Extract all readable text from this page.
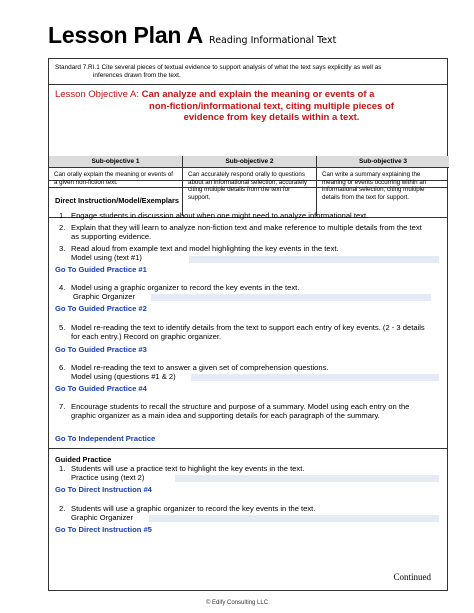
Lesson Plan A Reading Informational Text
Standard 7.RI.1 Cite several pieces of textual evidence to support analysis of what the text says explicitly as well as
inferences drawn from the text.
Lesson Objective A: Can analyze and explain the meaning or events of a
non-fiction/informational text, citing multiple pieces of
evidence from key details within a text.
Sub-objective 1
Can orally explain the meaning or events of a given non-fiction text.
Sub-objective 2
Can accurately respond orally to questions about an informational selection, accurately citing multiple details from the text for support.
Sub-objective 3
Can write a summary explaining the meaning or events occurring within an informational selection, citing multiple details from the text for support.
Direct Instruction/Model/Exemplars
1. Engage students in discussion about when one might need to analyze informational text.
2. Explain that they will learn to analyze non-fiction text and make reference to multiple details from the text as supporting evidence.
3. Read aloud from example text and model highlighting the key events in the text.
Model using (text #1)
Go To Guided Practice #1
4. Model using a graphic organizer to record the key events in the text.
Graphic Organizer
Go To Guided Practice #2
5. Model re-reading the text to identify details from the text to support each entry of key events. (2 - 3 details for each entry.) Record on graphic organizer.
Go To Guided Practice #3
6. Model re-reading the text to answer a given set of comprehension questions.
Model using (questions #1 & 2)
Go To Guided Practice #4
7. Encourage students to recall the structure and purpose of a summary. Model using each entry on the graphic organizer as a main idea and supporting details for each paragraph of the summary.
Go To Independent Practice
Guided Practice
1. Students will use a practice text to highlight the key events in the text.
Practice using (text 2)
Go To Direct Instruction #4
2. Students will use a graphic organizer to record the key events in the text.
Graphic Organizer
Go To Direct Instruction #5
Continued
© Edify Consulting LLC
